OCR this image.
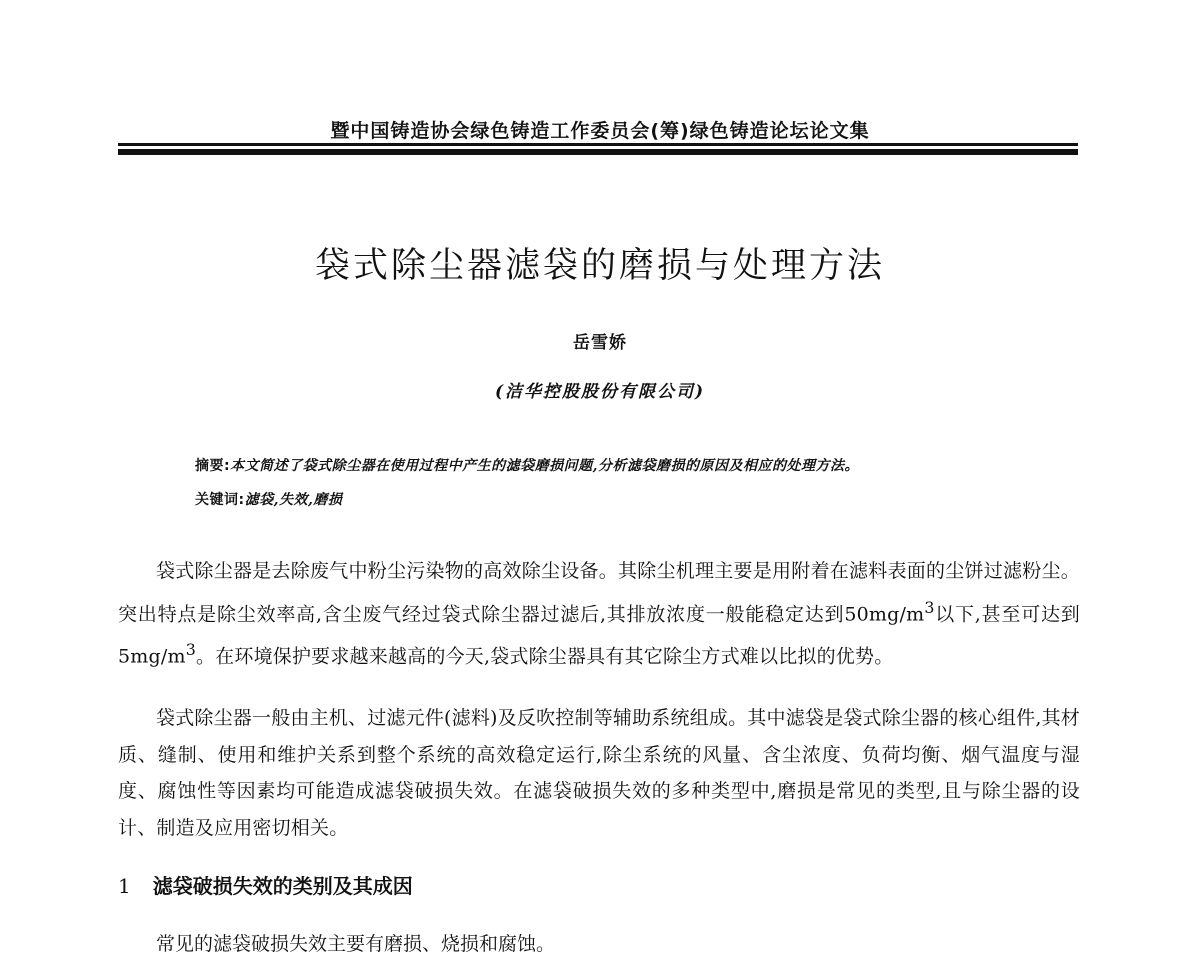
暨中国铸造协会绿色铸造工作委员会(筹)绿色铸造论坛论文集
袋式除尘器滤袋的磨损与处理方法
岳雪娇
(洁华控股股份有限公司)
摘要:本文简述了袋式除尘器在使用过程中产生的滤袋磨损问题,分析滤袋磨损的原因及相应的处理方法。
关键词:滤袋,失效,磨损
袋式除尘器是去除废气中粉尘污染物的高效除尘设备。其除尘机理主要是用附着在滤料表面的尘饼过滤粉尘。突出特点是除尘效率高,含尘废气经过袋式除尘器过滤后,其排放浓度一般能稳定达到$50mg/m^3$以下,甚至可达到$5mg/m^3$。在环境保护要求越来越高的今天,袋式除尘器具有其它除尘方式难以比拟的优势。
袋式除尘器一般由主机、过滤元件(滤料)及反吹控制等辅助系统组成。其中滤袋是袋式除尘器的核心组件,其材质、缝制、使用和维护关系到整个系统的高效稳定运行,除尘系统的风量、含尘浓度、负荷均衡、烟气温度与湿度、腐蚀性等因素均可能造成滤袋破损失效。在滤袋破损失效的多种类型中,磨损是常见的类型,且与除尘器的设计、制造及应用密切相关。
1 滤袋破损失效的类别及其成因
常见的滤袋破损失效主要有磨损、烧损和腐蚀。
